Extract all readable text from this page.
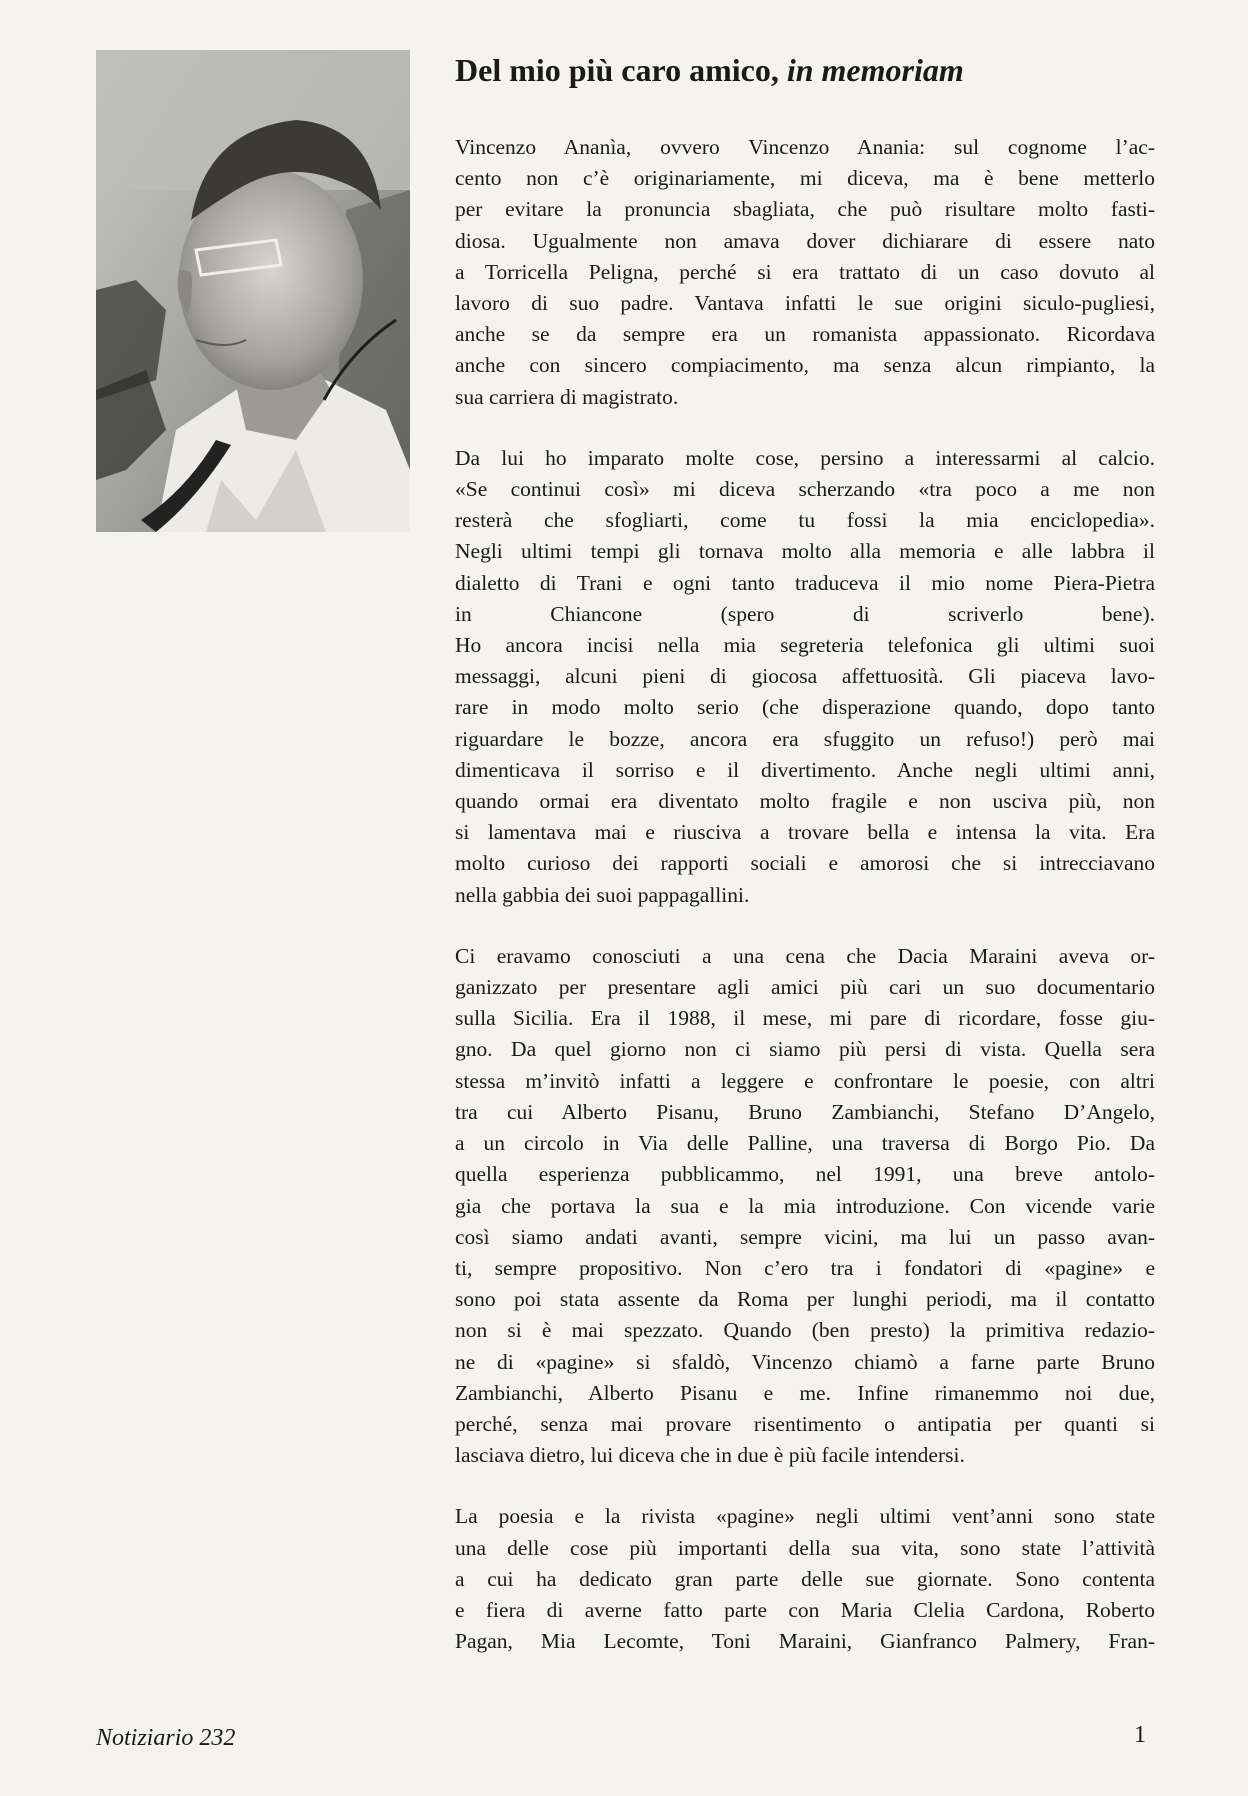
Del mio più caro amico, in memoriam
Vincenzo Ananìa, ovvero Vincenzo Anania: sul cognome l’ac-
cento non c’è originariamente, mi diceva, ma è bene metterlo
per evitare la pronuncia sbagliata, che può risultare molto fasti-
diosa. Ugualmente non amava dover dichiarare di essere nato
a Torricella Peligna, perché si era trattato di un caso dovuto al
lavoro di suo padre. Vantava infatti le sue origini siculo-pugliesi,
anche se da sempre era un romanista appassionato. Ricordava
anche con sincero compiacimento, ma senza alcun rimpianto, la
sua carriera di magistrato.
Da lui ho imparato molte cose, persino a interessarmi al calcio.
«Se continui così» mi diceva scherzando «tra poco a me non
resterà che sfogliarti, come tu fossi la mia enciclopedia».
Negli ultimi tempi gli tornava molto alla memoria e alle labbra il
dialetto di Trani e ogni tanto traduceva il mio nome Piera-Pietra
in Chiancone (spero di scriverlo bene).
Ho ancora incisi nella mia segreteria telefonica gli ultimi suoi
messaggi, alcuni pieni di giocosa affettuosità. Gli piaceva lavo-
rare in modo molto serio (che disperazione quando, dopo tanto
riguardare le bozze, ancora era sfuggito un refuso!) però mai
dimenticava il sorriso e il divertimento. Anche negli ultimi anni,
quando ormai era diventato molto fragile e non usciva più, non
si lamentava mai e riusciva a trovare bella e intensa la vita. Era
molto curioso dei rapporti sociali e amorosi che si intrecciavano
nella gabbia dei suoi pappagallini.
Ci eravamo conosciuti a una cena che Dacia Maraini aveva or-
ganizzato per presentare agli amici più cari un suo documentario
sulla Sicilia. Era il 1988, il mese, mi pare di ricordare, fosse giu-
gno. Da quel giorno non ci siamo più persi di vista. Quella sera
stessa m’invitò infatti a leggere e confrontare le poesie, con altri
tra cui Alberto Pisanu, Bruno Zambianchi, Stefano D’Angelo,
a un circolo in Via delle Palline, una traversa di Borgo Pio. Da
quella esperienza pubblicammo, nel 1991, una breve antolo-
gia che portava la sua e la mia introduzione. Con vicende varie
così siamo andati avanti, sempre vicini, ma lui un passo avan-
ti, sempre propositivo. Non c’ero tra i fondatori di «pagine» e
sono poi stata assente da Roma per lunghi periodi, ma il contatto
non si è mai spezzato. Quando (ben presto) la primitiva redazio-
ne di «pagine» si sfaldò, Vincenzo chiamò a farne parte Bruno
Zambianchi, Alberto Pisanu e me. Infine rimanemmo noi due,
perché, senza mai provare risentimento o antipatia per quanti si
lasciava dietro, lui diceva che in due è più facile intendersi.
La poesia e la rivista «pagine» negli ultimi vent’anni sono state
una delle cose più importanti della sua vita, sono state l’attività
a cui ha dedicato gran parte delle sue giornate. Sono contenta
e fiera di averne fatto parte con Maria Clelia Cardona, Roberto
Pagan, Mia Lecomte, Toni Maraini, Gianfranco Palmery, Fran-
Notiziario 232	1
